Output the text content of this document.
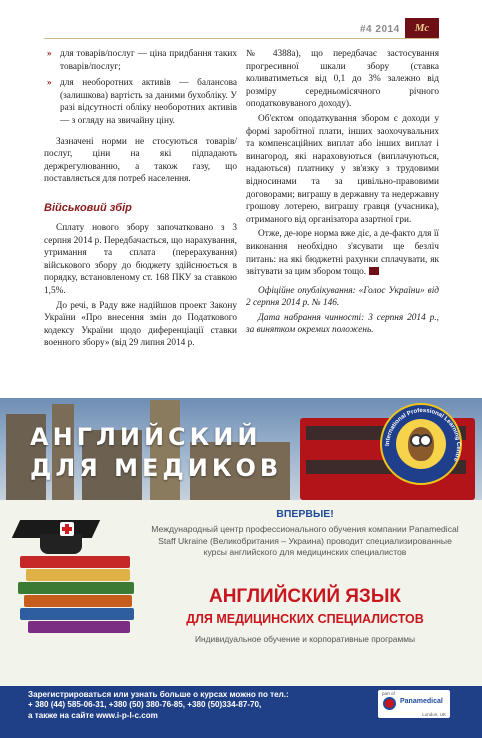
#4 2014 Мс

» для товарів/послуг — ціна придбання таких товарів/послуг;

» для необоротних активів — балансова (залишкова) вартість за даними бухобліку. У разі відсутності обліку необоротних активів — з огляду на звичайну ціну.

Зазначені норми не стосуються товарів/послуг, ціни на які підпадають держрегулюванню, а також газу, що поставляється для потреб населення.

Військовий збір

Сплату нового збору започатковано з 3 серпня 2014 р. Передбачається, що нарахування, утримання та сплата (перерахування) військового збору до бюджету здійснюється в порядку, встановленому ст. 168 ПКУ за ставкою 1,5%.

До речі, в Раду вже надійшов проект Закону України «Про внесення змін до Податкового кодексу України щодо диференціації ставки военного збору» (від 29 липня 2014 р.

№ 4388а), що передбачає застосування прогресивної шкали збору (ставка коливатиметься від 0,1 до 3% залежно від розміру середньомісячного річного оподатковуваного доходу).

Об'єктом оподаткування збором є доходи у формі заробітної плати, інших заохочувальних та компенсаційних виплат або інших виплат і винагород, які нараховуються (виплачуються, надаються) платнику у зв'язку з трудовими відносинами та за цивільно-правовими договорами; виграшу в державну та недержавну грошову лотерею, виграшу гравця (учасника), отриманого від організатора азартної гри.

Отже, де-юре норма вже діє, а де-факто для її виконання необхідно з'ясувати ще безліч питань: на які бюджетні рахунки сплачувати, як звітувати за цим збором тощо.

Офіційне опублікування: «Голос України» від 2 серпня 2014 р. № 146.

Дата набрання чинності: 3 серпня 2014 р., за винятком окремих положень.

АНГЛИЙСКИЙ
ДЛЯ МЕДИКОВ
International Professional Learning Centre
ВПЕРВЫЕ!
Международный центр профессионального обучения компании Panamedical Staff Ukraine (Великобритания – Украина) проводит специализированные курсы английского для медицинских специалистов
АНГЛИЙСКИЙ ЯЗЫК
ДЛЯ МЕДИЦИНСКИХ СПЕЦИАЛИСТОВ
Индивидуальное обучение и корпоративные программы
Зарегистрироваться или узнать больше о курсах можно по тел.:
+ 380 (44) 585-06-31, +380 (50) 380-76-85, +380 (50)334-87-70,
а также на сайте www.i-p-l-c.com
part of
Panamedical
London, UK
